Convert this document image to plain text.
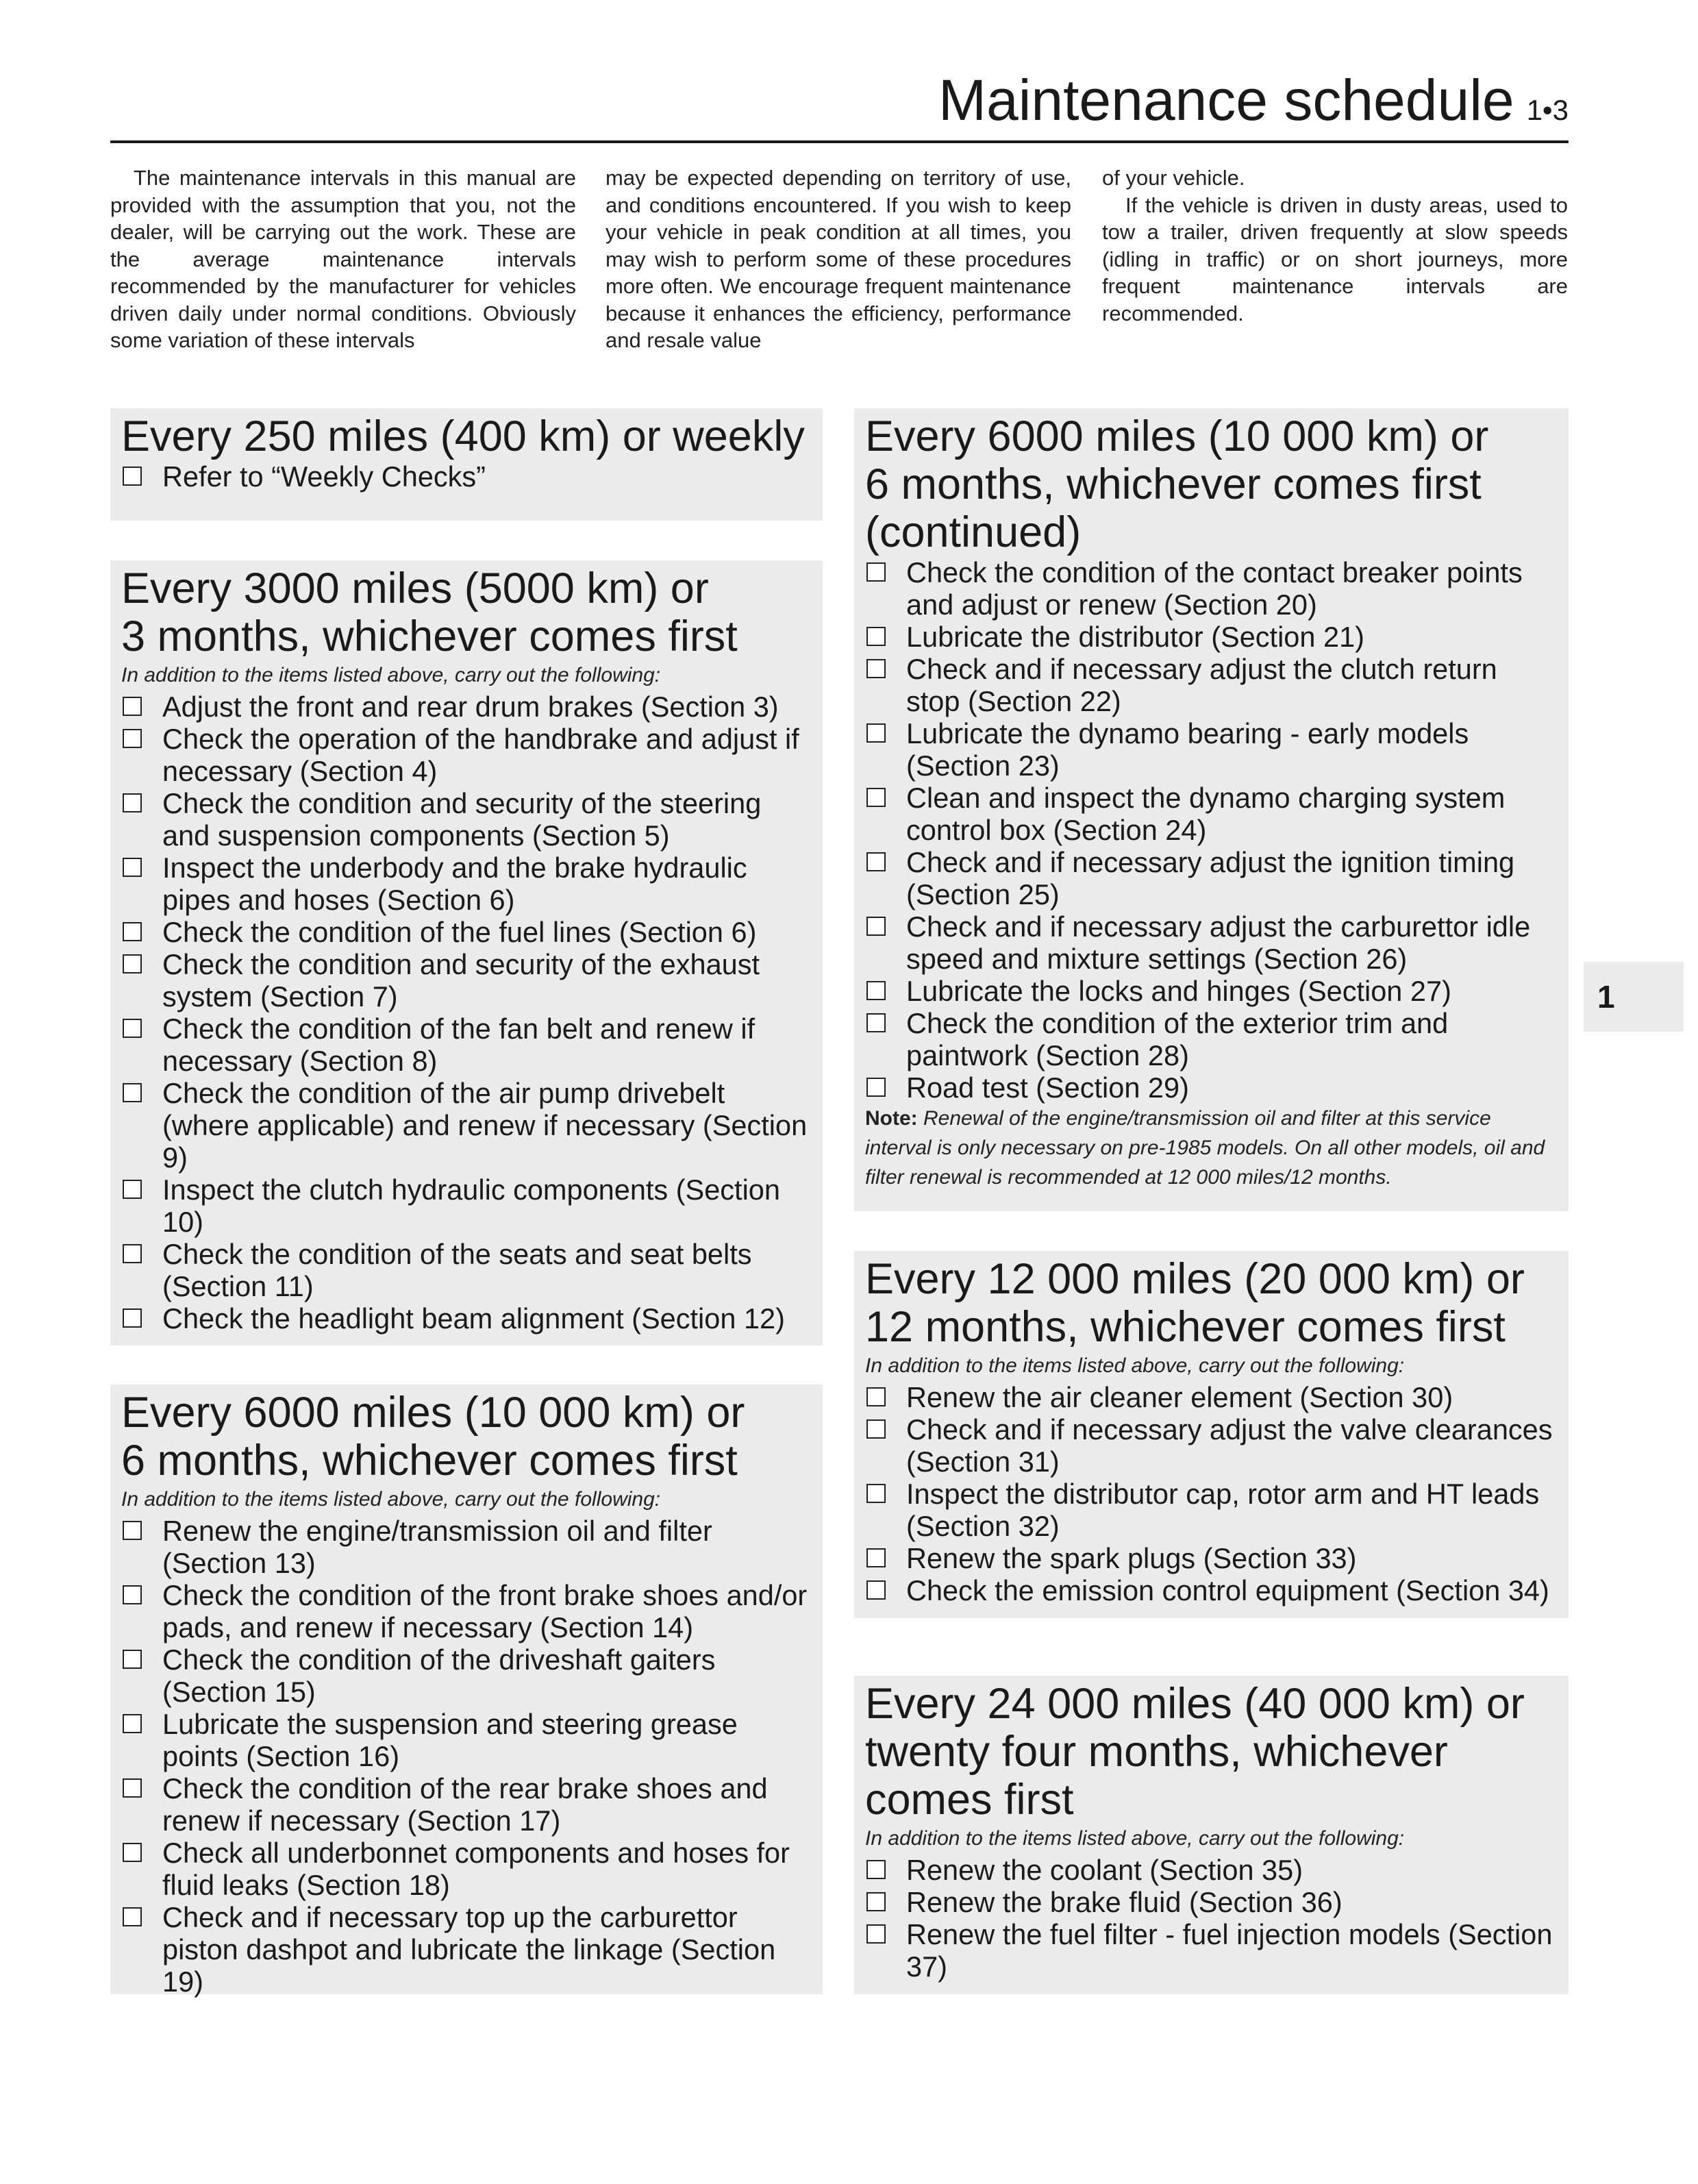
Maintenance schedule 1•3

The maintenance intervals in this manual are provided with the assumption that you, not the dealer, will be carrying out the work. These are the average maintenance intervals recommended by the manufacturer for vehicles driven daily under normal conditions. Obviously some variation of these intervals

may be expected depending on territory of use, and conditions encountered. If you wish to keep your vehicle in peak condition at all times, you may wish to perform some of these procedures more often. We encourage frequent maintenance because it enhances the efficiency, performance and resale value

of your vehicle.

If the vehicle is driven in dusty areas, used to tow a trailer, driven frequently at slow speeds (idling in traffic) or on short journeys, more frequent maintenance intervals are recommended.

Every 250 miles (400 km) or weekly
Refer to “Weekly Checks”
Every 3000 miles (5000 km) or
3 months, whichever comes first
In addition to the items listed above, carry out the following:
Adjust the front and rear drum brakes (Section 3)
Check the operation of the handbrake and adjust if necessary (Section 4)
Check the condition and security of the steering and suspension components (Section 5)
Inspect the underbody and the brake hydraulic pipes and hoses (Section 6)
Check the condition of the fuel lines (Section 6)
Check the condition and security of the exhaust system (Section 7)
Check the condition of the fan belt and renew if necessary (Section 8)
Check the condition of the air pump drivebelt (where applicable) and renew if necessary (Section 9)
Inspect the clutch hydraulic components (Section 10)
Check the condition of the seats and seat belts (Section 11)
Check the headlight beam alignment (Section 12)
Every 6000 miles (10 000 km) or
6 months, whichever comes first
In addition to the items listed above, carry out the following:
Renew the engine/transmission oil and filter (Section 13)
Check the condition of the front brake shoes and/or pads, and renew if necessary (Section 14)
Check the condition of the driveshaft gaiters (Section 15)
Lubricate the suspension and steering grease points (Section 16)
Check the condition of the rear brake shoes and renew if necessary (Section 17)
Check all underbonnet components and hoses for fluid leaks (Section 18)
Check and if necessary top up the carburettor piston dashpot and lubricate the linkage (Section 19)
Every 6000 miles (10 000 km) or
6 months, whichever comes first
(continued)
Check the condition of the contact breaker points and adjust or renew (Section 20)
Lubricate the distributor (Section 21)
Check and if necessary adjust the clutch return stop (Section 22)
Lubricate the dynamo bearing - early models (Section 23)
Clean and inspect the dynamo charging system control box (Section 24)
Check and if necessary adjust the ignition timing (Section 25)
Check and if necessary adjust the carburettor idle speed and mixture settings (Section 26)
Lubricate the locks and hinges (Section 27)
Check the condition of the exterior trim and paintwork (Section 28)
Road test (Section 29)
Note: Renewal of the engine/transmission oil and filter at this service interval is only necessary on pre-1985 models. On all other models, oil and filter renewal is recommended at 12 000 miles/12 months.
Every 12 000 miles (20 000 km) or
12 months, whichever comes first
In addition to the items listed above, carry out the following:
Renew the air cleaner element (Section 30)
Check and if necessary adjust the valve clearances (Section 31)
Inspect the distributor cap, rotor arm and HT leads (Section 32)
Renew the spark plugs (Section 33)
Check the emission control equipment (Section 34)
Every 24 000 miles (40 000 km) or
twenty four months, whichever
comes first
In addition to the items listed above, carry out the following:
Renew the coolant (Section 35)
Renew the brake fluid (Section 36)
Renew the fuel filter - fuel injection models (Section 37)
1
